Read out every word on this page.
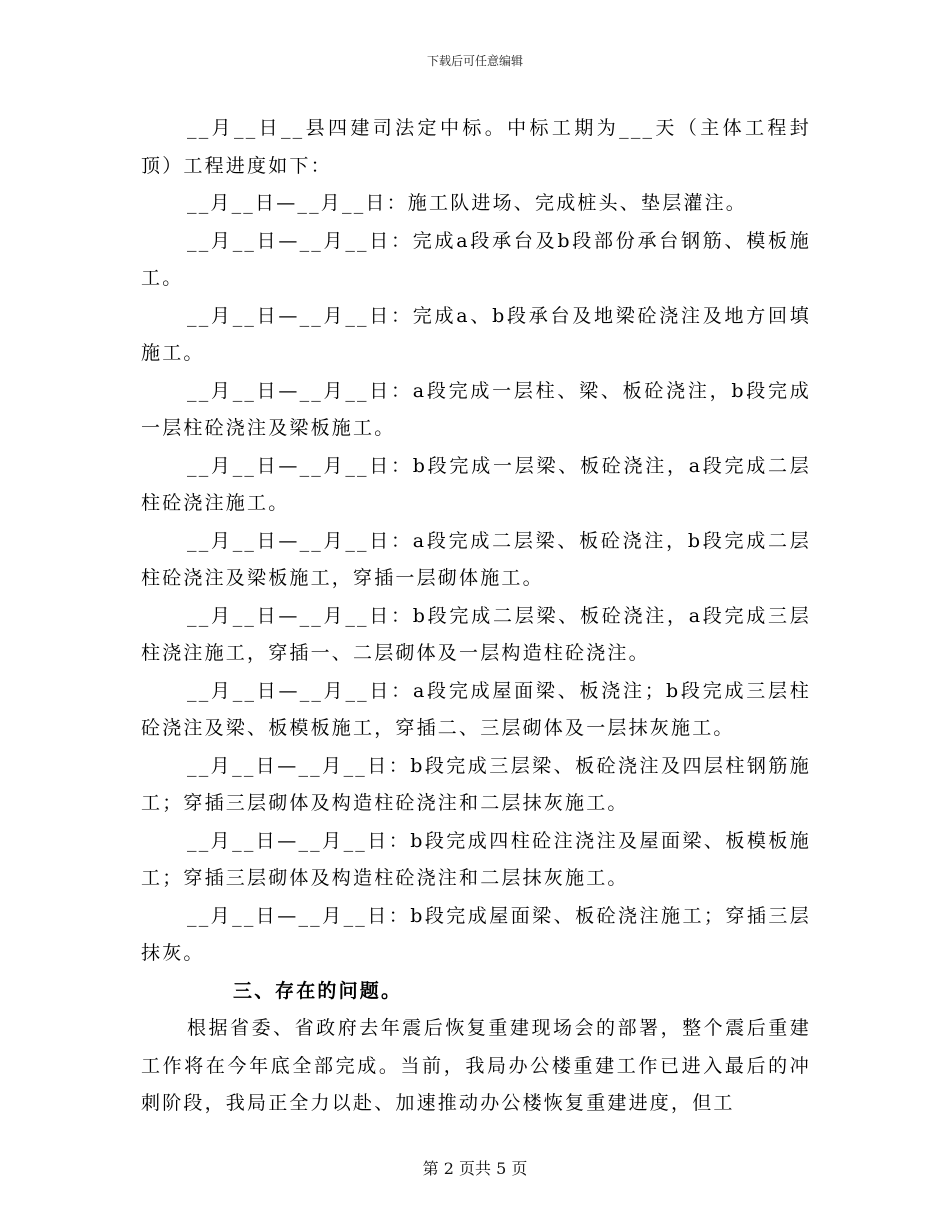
下载后可任意编辑

__月__日__县四建司法定中标。中标工期为___天（主体工程封顶）工程进度如下：

__月__日—__月__日：施工队进场、完成桩头、垫层灌注。

__月__日—__月__日：完成a段承台及b段部份承台钢筋、模板施工。

__月__日—__月__日：完成a、b段承台及地梁砼浇注及地方回填施工。

__月__日—__月__日：a段完成一层柱、梁、板砼浇注，b段完成一层柱砼浇注及梁板施工。

__月__日—__月__日：b段完成一层梁、板砼浇注，a段完成二层柱砼浇注施工。

__月__日—__月__日：a段完成二层梁、板砼浇注，b段完成二层柱砼浇注及梁板施工，穿插一层砌体施工。

__月__日—__月__日：b段完成二层梁、板砼浇注，a段完成三层柱浇注施工，穿插一、二层砌体及一层构造柱砼浇注。

__月__日—__月__日：a段完成屋面梁、板浇注；b段完成三层柱砼浇注及梁、板模板施工，穿插二、三层砌体及一层抹灰施工。

__月__日—__月__日：b段完成三层梁、板砼浇注及四层柱钢筋施工；穿插三层砌体及构造柱砼浇注和二层抹灰施工。

__月__日—__月__日：b段完成四柱砼注浇注及屋面梁、板模板施工；穿插三层砌体及构造柱砼浇注和二层抹灰施工。

__月__日—__月__日：b段完成屋面梁、板砼浇注施工；穿插三层抹灰。

三、存在的问题。

根据省委、省政府去年震后恢复重建现场会的部署，整个震后重建工作将在今年底全部完成。当前，我局办公楼重建工作已进入最后的冲刺阶段，我局正全力以赴、加速推动办公楼恢复重建进度，但工

第 2 页共 5 页
